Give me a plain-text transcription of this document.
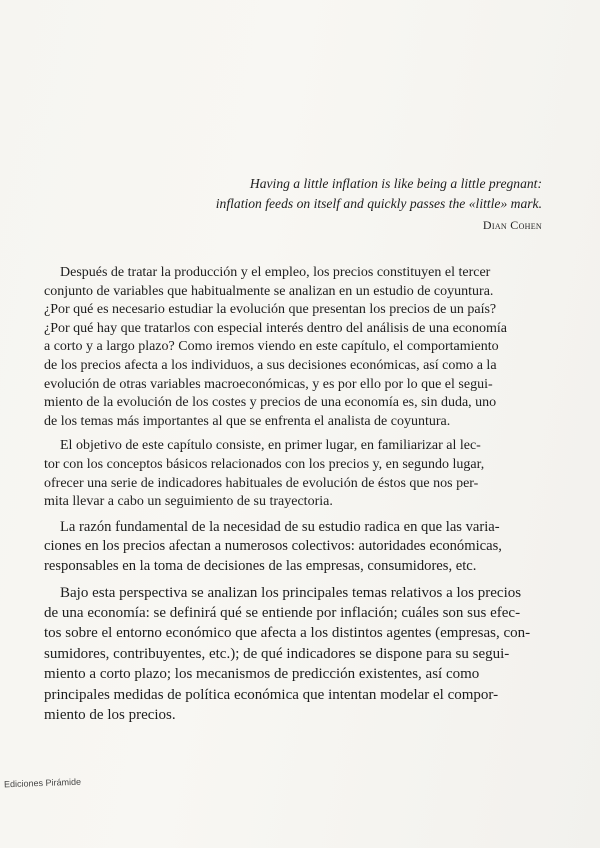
Having a little inflation is like being a little pregnant:
inflation feeds on itself and quickly passes the «little» mark.
Dian Cohen

Después de tratar la producción y el empleo, los precios constituyen el tercer
conjunto de variables que habitualmente se analizan en un estudio de coyuntura.
¿Por qué es necesario estudiar la evolución que presentan los precios de un país?
¿Por qué hay que tratarlos con especial interés dentro del análisis de una economía
a corto y a largo plazo? Como iremos viendo en este capítulo, el comportamiento
de los precios afecta a los individuos, a sus decisiones económicas, así como a la
evolución de otras variables macroeconómicas, y es por ello por lo que el segui-
miento de la evolución de los costes y precios de una economía es, sin duda, uno
de los temas más importantes al que se enfrenta el analista de coyuntura.

El objetivo de este capítulo consiste, en primer lugar, en familiarizar al lec-
tor con los conceptos básicos relacionados con los precios y, en segundo lugar,
ofrecer una serie de indicadores habituales de evolución de éstos que nos per-
mita llevar a cabo un seguimiento de su trayectoria.

La razón fundamental de la necesidad de su estudio radica en que las varia-
ciones en los precios afectan a numerosos colectivos: autoridades económicas,
responsables en la toma de decisiones de las empresas, consumidores, etc.

Bajo esta perspectiva se analizan los principales temas relativos a los precios
de una economía: se definirá qué se entiende por inflación; cuáles son sus efec-
tos sobre el entorno económico que afecta a los distintos agentes (empresas, con-
sumidores, contribuyentes, etc.); de qué indicadores se dispone para su segui-
miento a corto plazo; los mecanismos de predicción existentes, así como
principales medidas de política económica que intentan modelar el compor-
miento de los precios.

Ediciones Pirámide
